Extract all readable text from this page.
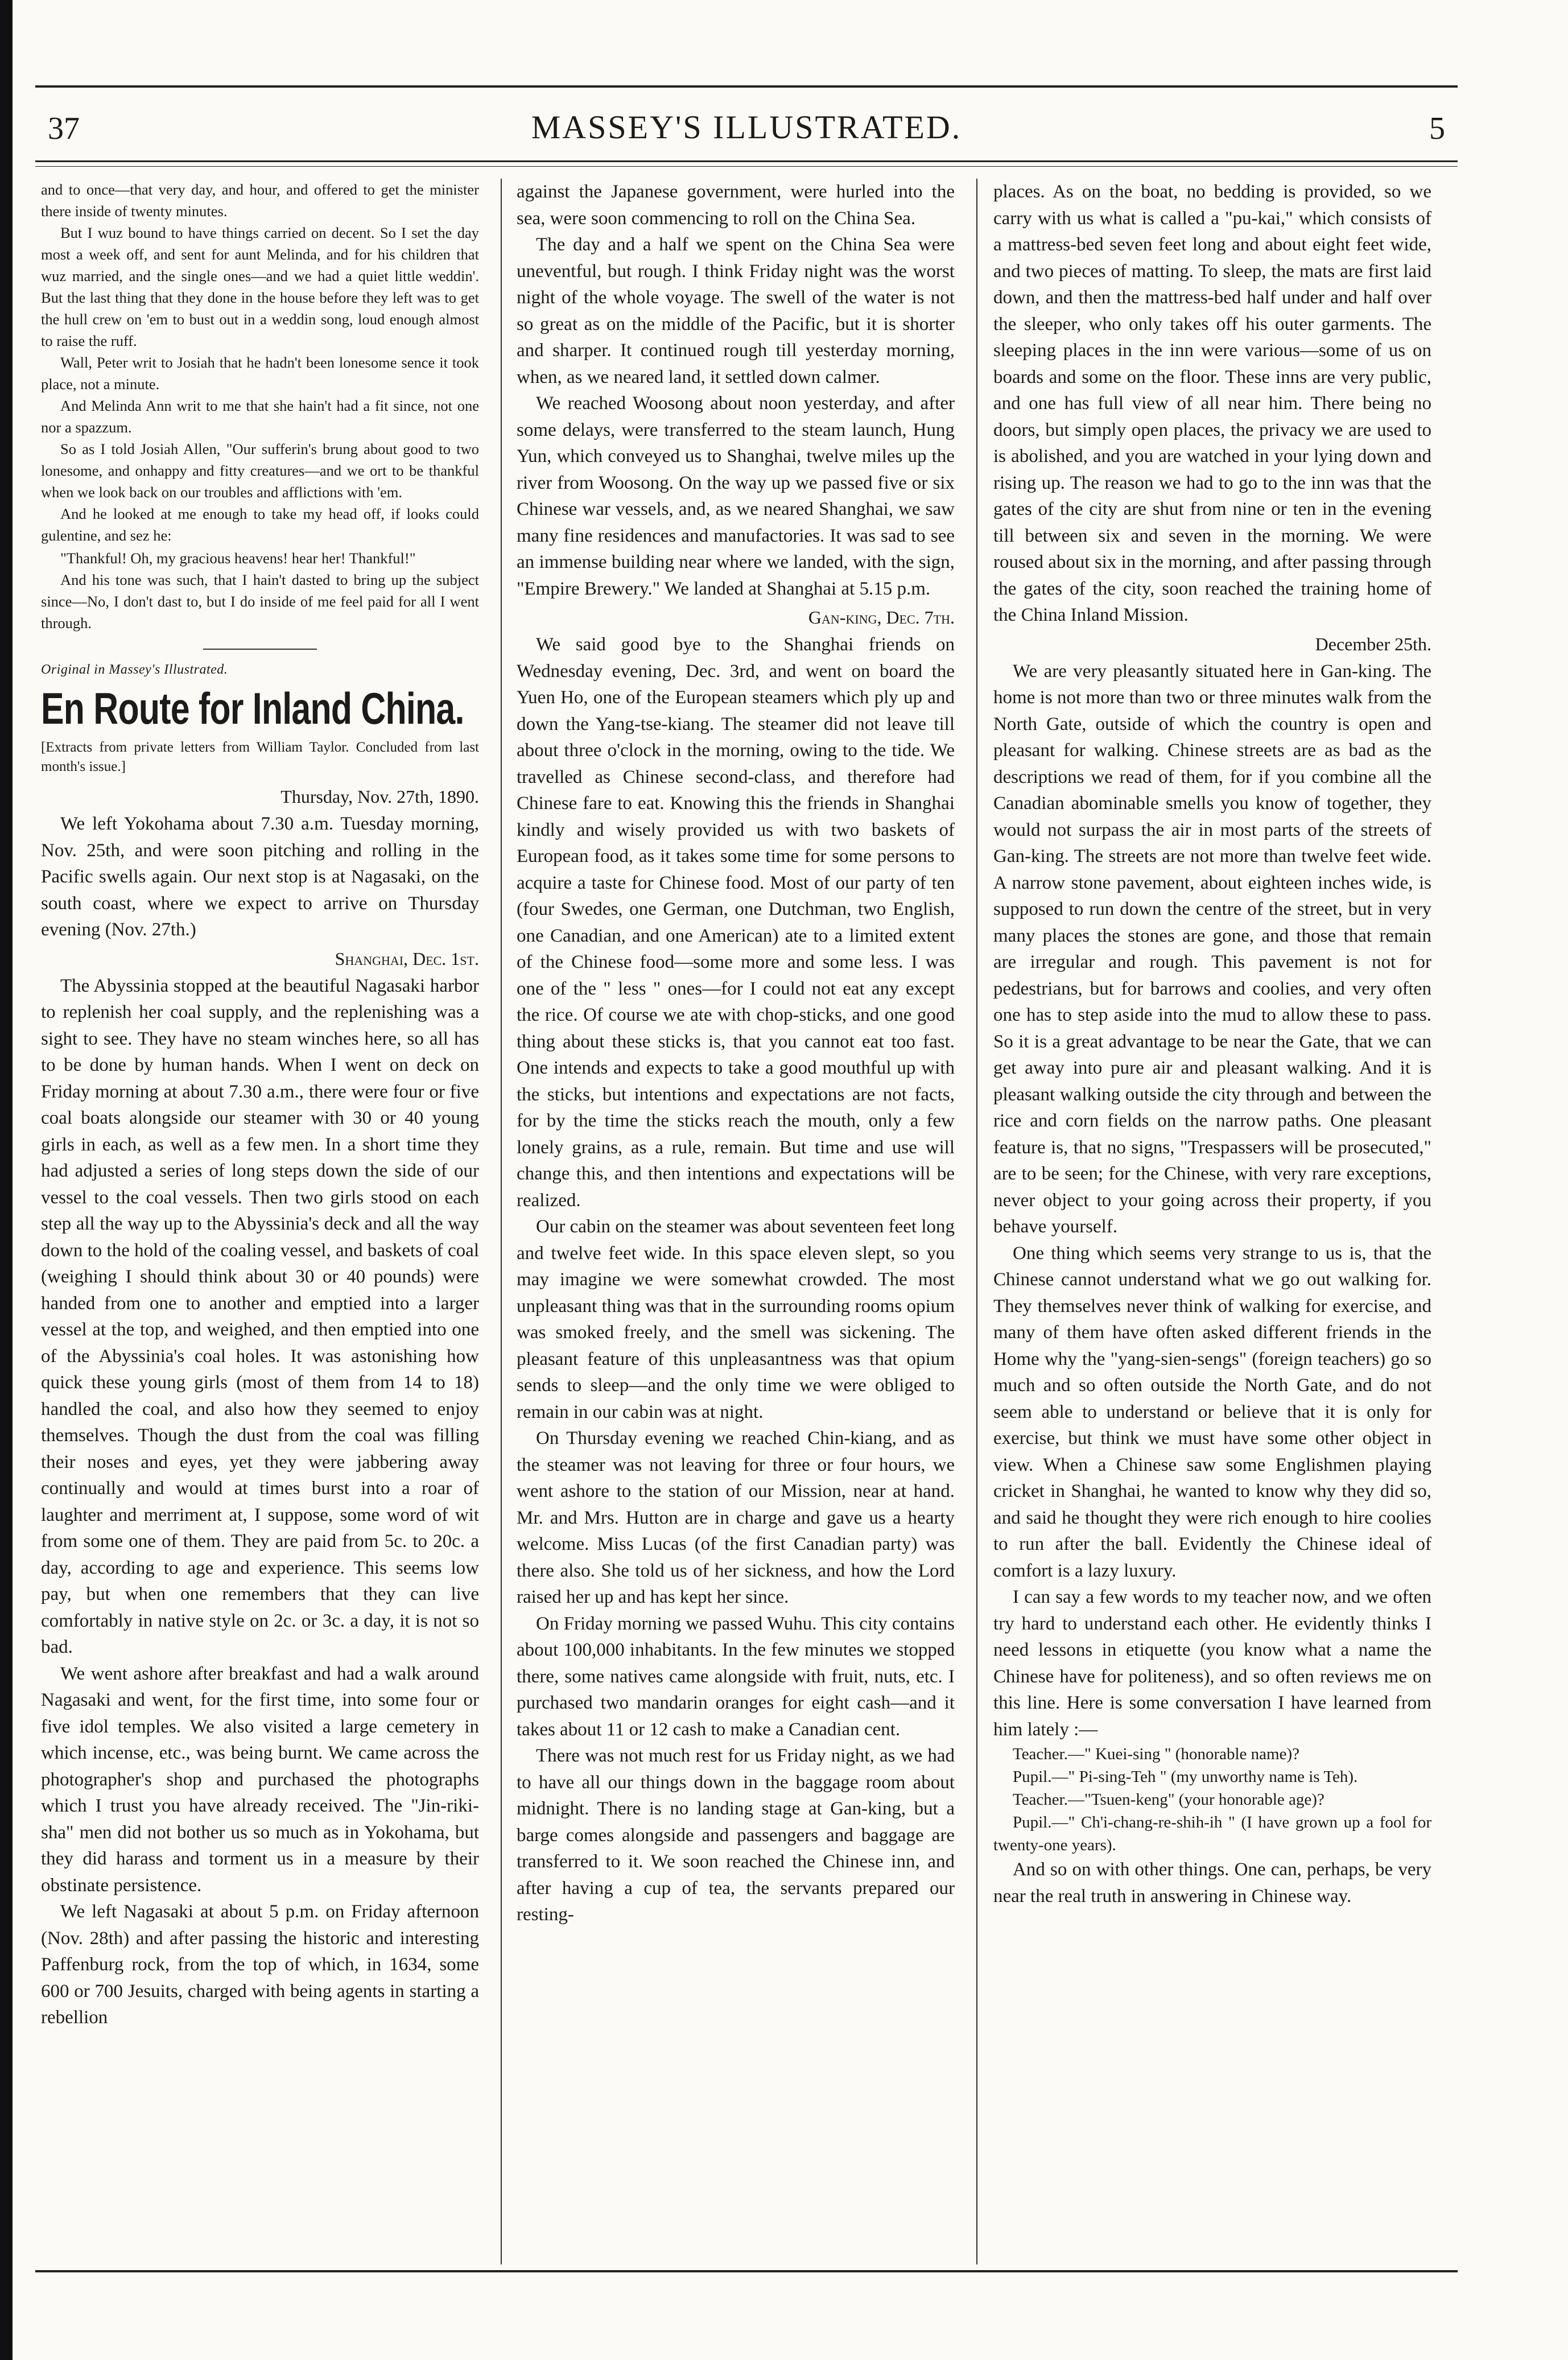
37	MASSEY'S ILLUSTRATED.	5

and to once—that very day, and hour, and offered to get the minister there inside of twenty minutes.

But I wuz bound to have things carried on decent. So I set the day most a week off, and sent for aunt Melinda, and for his children that wuz married, and the single ones—and we had a quiet little weddin'. But the last thing that they done in the house before they left was to get the hull crew on 'em to bust out in a weddin song, loud enough almost to raise the ruff.

Wall, Peter writ to Josiah that he hadn't been lonesome sence it took place, not a minute.

And Melinda Ann writ to me that she hain't had a fit since, not one nor a spazzum.

So as I told Josiah Allen, "Our sufferin's brung about good to two lonesome, and onhappy and fitty creatures—and we ort to be thankful when we look back on our troubles and afflictions with 'em.

And he looked at me enough to take my head off, if looks could gulentine, and sez he:

"Thankful! Oh, my gracious heavens! hear her! Thankful!"

And his tone was such, that I hain't dasted to bring up the subject since—No, I don't dast to, but I do inside of me feel paid for all I went through.

Original in Massey's Illustrated.
En Route for Inland China.
[Extracts from private letters from William Taylor. Concluded from last month's issue.]
Thursday, Nov. 27th, 1890.

We left Yokohama about 7.30 a.m. Tuesday morning, Nov. 25th, and were soon pitching and rolling in the Pacific swells again. Our next stop is at Nagasaki, on the south coast, where we expect to arrive on Thursday evening (Nov. 27th.)

Shanghai, Dec. 1st.

The Abyssinia stopped at the beautiful Nagasaki harbor to replenish her coal supply, and the replenishing was a sight to see. They have no steam winches here, so all has to be done by human hands. When I went on deck on Friday morning at about 7.30 a.m., there were four or five coal boats alongside our steamer with 30 or 40 young girls in each, as well as a few men. In a short time they had adjusted a series of long steps down the side of our vessel to the coal vessels. Then two girls stood on each step all the way up to the Abyssinia's deck and all the way down to the hold of the coaling vessel, and baskets of coal (weighing I should think about 30 or 40 pounds) were handed from one to another and emptied into a larger vessel at the top, and weighed, and then emptied into one of the Abyssinia's coal holes. It was astonishing how quick these young girls (most of them from 14 to 18) handled the coal, and also how they seemed to enjoy themselves. Though the dust from the coal was filling their noses and eyes, yet they were jabbering away continually and would at times burst into a roar of laughter and merriment at, I suppose, some word of wit from some one of them. They are paid from 5c. to 20c. a day, according to age and experience. This seems low pay, but when one remembers that they can live comfortably in native style on 2c. or 3c. a day, it is not so bad.

We went ashore after breakfast and had a walk around Nagasaki and went, for the first time, into some four or five idol temples. We also visited a large cemetery in which incense, etc., was being burnt. We came across the photographer's shop and purchased the photographs which I trust you have already received. The "Jin-riki-sha" men did not bother us so much as in Yokohama, but they did harass and torment us in a measure by their obstinate persistence.

We left Nagasaki at about 5 p.m. on Friday afternoon (Nov. 28th) and after passing the historic and interesting Paffenburg rock, from the top of which, in 1634, some 600 or 700 Jesuits, charged with being agents in starting a rebellion

against the Japanese government, were hurled into the sea, were soon commencing to roll on the China Sea.

The day and a half we spent on the China Sea were uneventful, but rough. I think Friday night was the worst night of the whole voyage. The swell of the water is not so great as on the middle of the Pacific, but it is shorter and sharper. It continued rough till yesterday morning, when, as we neared land, it settled down calmer.

We reached Woosong about noon yesterday, and after some delays, were transferred to the steam launch, Hung Yun, which conveyed us to Shanghai, twelve miles up the river from Woosong. On the way up we passed five or six Chinese war vessels, and, as we neared Shanghai, we saw many fine residences and manufactories. It was sad to see an immense building near where we landed, with the sign, "Empire Brewery." We landed at Shanghai at 5.15 p.m.

Gan-king, Dec. 7th.

We said good bye to the Shanghai friends on Wednesday evening, Dec. 3rd, and went on board the Yuen Ho, one of the European steamers which ply up and down the Yang-tse-kiang. The steamer did not leave till about three o'clock in the morning, owing to the tide. We travelled as Chinese second-class, and therefore had Chinese fare to eat. Knowing this the friends in Shanghai kindly and wisely provided us with two baskets of European food, as it takes some time for some persons to acquire a taste for Chinese food. Most of our party of ten (four Swedes, one German, one Dutchman, two English, one Canadian, and one American) ate to a limited extent of the Chinese food—some more and some less. I was one of the " less " ones—for I could not eat any except the rice. Of course we ate with chop-sticks, and one good thing about these sticks is, that you cannot eat too fast. One intends and expects to take a good mouthful up with the sticks, but intentions and expectations are not facts, for by the time the sticks reach the mouth, only a few lonely grains, as a rule, remain. But time and use will change this, and then intentions and expectations will be realized.

Our cabin on the steamer was about seventeen feet long and twelve feet wide. In this space eleven slept, so you may imagine we were somewhat crowded. The most unpleasant thing was that in the surrounding rooms opium was smoked freely, and the smell was sickening. The pleasant feature of this unpleasantness was that opium sends to sleep—and the only time we were obliged to remain in our cabin was at night.

On Thursday evening we reached Chin-kiang, and as the steamer was not leaving for three or four hours, we went ashore to the station of our Mission, near at hand. Mr. and Mrs. Hutton are in charge and gave us a hearty welcome. Miss Lucas (of the first Canadian party) was there also. She told us of her sickness, and how the Lord raised her up and has kept her since.

On Friday morning we passed Wuhu. This city contains about 100,000 inhabitants. In the few minutes we stopped there, some natives came alongside with fruit, nuts, etc. I purchased two mandarin oranges for eight cash—and it takes about 11 or 12 cash to make a Canadian cent.

There was not much rest for us Friday night, as we had to have all our things down in the baggage room about midnight. There is no landing stage at Gan-king, but a barge comes alongside and passengers and baggage are transferred to it. We soon reached the Chinese inn, and after having a cup of tea, the servants prepared our resting-

places. As on the boat, no bedding is provided, so we carry with us what is called a "pu-kai," which consists of a mattress-bed seven feet long and about eight feet wide, and two pieces of matting. To sleep, the mats are first laid down, and then the mattress-bed half under and half over the sleeper, who only takes off his outer garments. The sleeping places in the inn were various—some of us on boards and some on the floor. These inns are very public, and one has full view of all near him. There being no doors, but simply open places, the privacy we are used to is abolished, and you are watched in your lying down and rising up. The reason we had to go to the inn was that the gates of the city are shut from nine or ten in the evening till between six and seven in the morning. We were roused about six in the morning, and after passing through the gates of the city, soon reached the training home of the China Inland Mission.

December 25th.

We are very pleasantly situated here in Gan-king. The home is not more than two or three minutes walk from the North Gate, outside of which the country is open and pleasant for walking. Chinese streets are as bad as the descriptions we read of them, for if you combine all the Canadian abominable smells you know of together, they would not surpass the air in most parts of the streets of Gan-king. The streets are not more than twelve feet wide. A narrow stone pavement, about eighteen inches wide, is supposed to run down the centre of the street, but in very many places the stones are gone, and those that remain are irregular and rough. This pavement is not for pedestrians, but for barrows and coolies, and very often one has to step aside into the mud to allow these to pass. So it is a great advantage to be near the Gate, that we can get away into pure air and pleasant walking. And it is pleasant walking outside the city through and between the rice and corn fields on the narrow paths. One pleasant feature is, that no signs, "Trespassers will be prosecuted," are to be seen; for the Chinese, with very rare exceptions, never object to your going across their property, if you behave yourself.

One thing which seems very strange to us is, that the Chinese cannot understand what we go out walking for. They themselves never think of walking for exercise, and many of them have often asked different friends in the Home why the "yang-sien-sengs" (foreign teachers) go so much and so often outside the North Gate, and do not seem able to understand or believe that it is only for exercise, but think we must have some other object in view. When a Chinese saw some Englishmen playing cricket in Shanghai, he wanted to know why they did so, and said he thought they were rich enough to hire coolies to run after the ball. Evidently the Chinese ideal of comfort is a lazy luxury.

I can say a few words to my teacher now, and we often try hard to understand each other. He evidently thinks I need lessons in etiquette (you know what a name the Chinese have for politeness), and so often reviews me on this line. Here is some conversation I have learned from him lately :—

Teacher.—" Kuei-sing " (honorable name)?

Pupil.—" Pi-sing-Teh " (my unworthy name is Teh).

Teacher.—"Tsuen-keng" (your honorable age)?

Pupil.—" Ch'i-chang-re-shih-ih " (I have grown up a fool for twenty-one years).

And so on with other things. One can, perhaps, be very near the real truth in answering in Chinese way.
